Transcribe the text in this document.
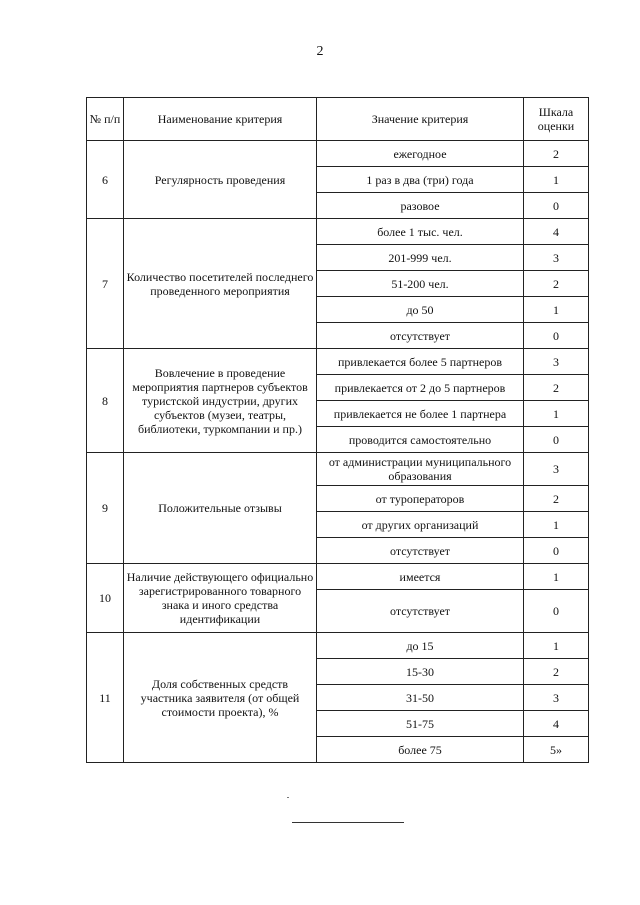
2
№ п/п	Наименование критерия	Значение критерия	Шкала оценки
6	Регулярность проведения	ежегодное	2
		1 раз в два (три) года	1
		разовое	0
7	Количество посетителей последнего проведенного мероприятия	более 1 тыс. чел.	4
		201-999 чел.	3
		51-200 чел.	2
		до 50	1
		отсутствует	0
8	Вовлечение в проведение мероприятия партнеров субъектов туристской индустрии, других субъектов (музеи, театры, библиотеки, туркомпании и пр.)	привлекается более 5 партнеров	3
		привлекается от 2 до 5 партнеров	2
		привлекается не более 1 партнера	1
		проводится самостоятельно	0
9	Положительные отзывы	от администрации муниципального образования	3
		от туроператоров	2
		от других организаций	1
		отсутствует	0
10	Наличие действующего официально зарегистрированного товарного знака и иного средства идентификации	имеется	1
		отсутствует	0
11	Доля собственных средств участника заявителя (от общей стоимости проекта), %	до 15	1
		15-30	2
		31-50	3
		51-75	4
		более 75	5»
